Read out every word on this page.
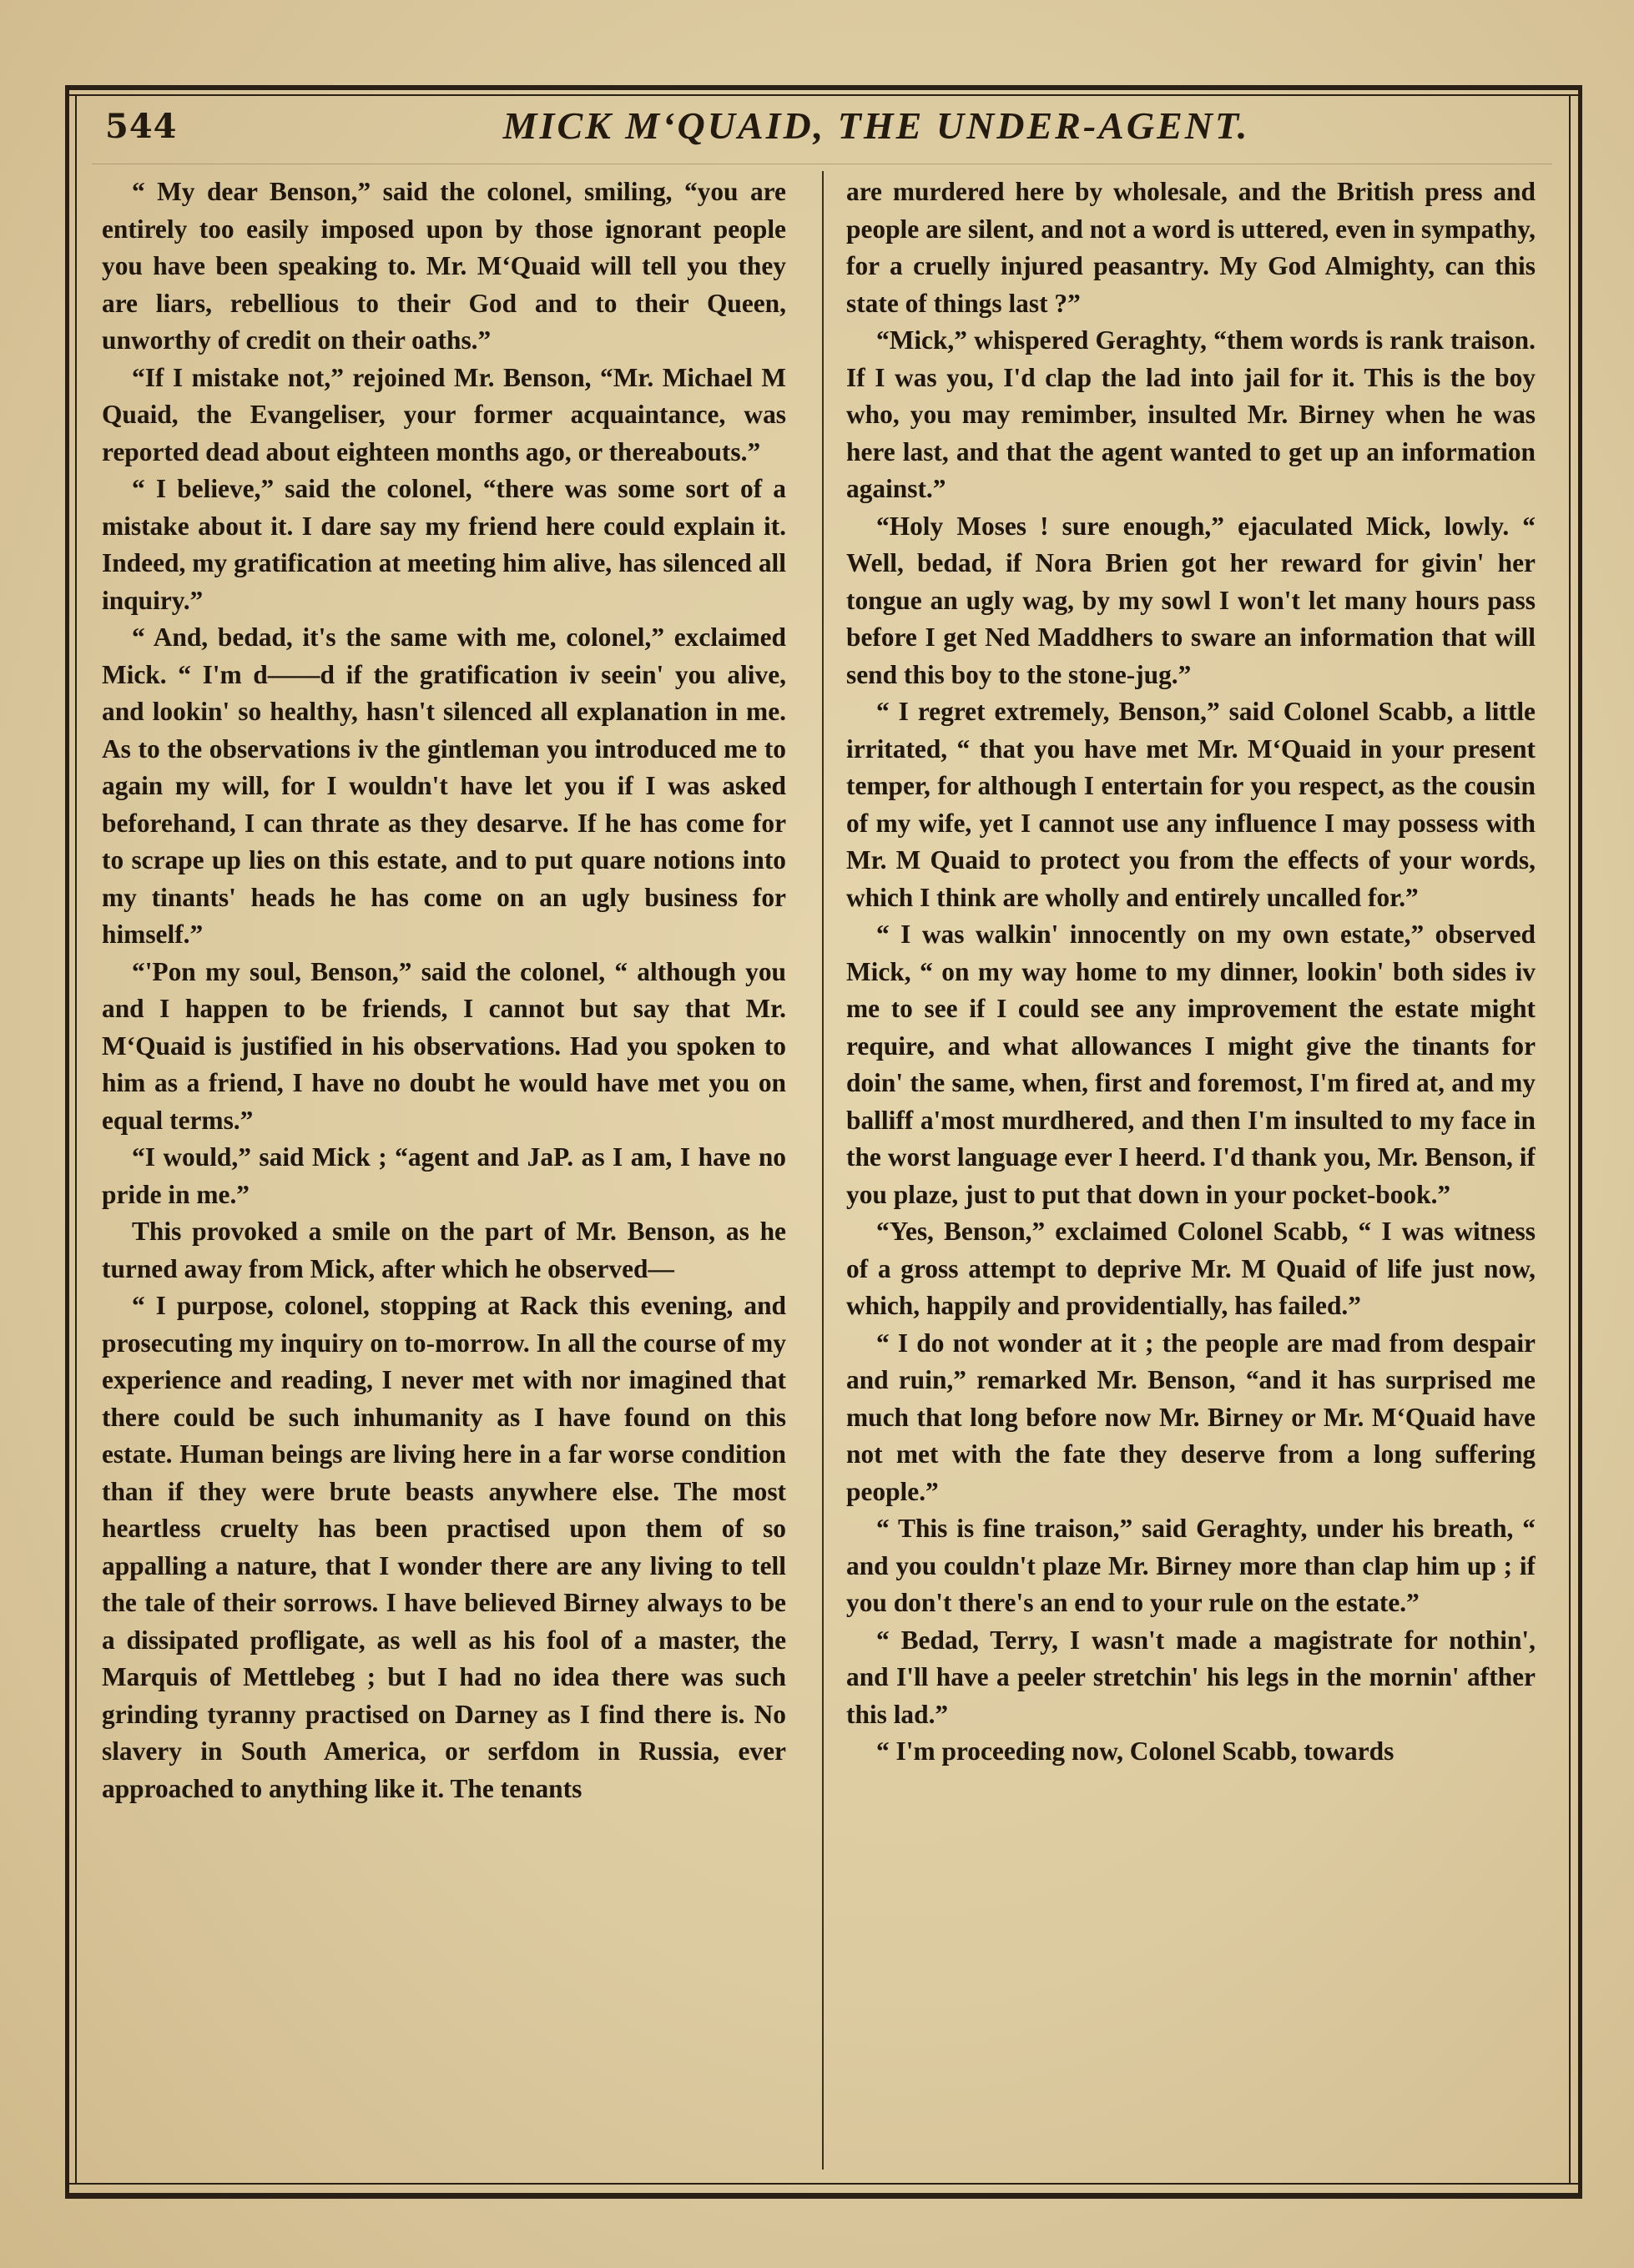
544	MICK M‘QUAID, THE UNDER-AGENT.

“ My dear Benson,” said the colonel, smiling, “you are entirely too easily imposed upon by those ignorant people you have been speaking to. Mr. M‘Quaid will tell you they are liars, rebellious to their God and to their Queen, unworthy of credit on their oaths.”

“If I mistake not,” rejoined Mr. Benson, “Mr. Michael M Quaid, the Evangeliser, your former acquaintance, was reported dead about eighteen months ago, or thereabouts.”

“ I believe,” said the colonel, “there was some sort of a mistake about it. I dare say my friend here could explain it. Indeed, my gratification at meeting him alive, has silenced all inquiry.”

“ And, bedad, it's the same with me, colonel,” exclaimed Mick. “ I'm d——d if the gratification iv seein' you alive, and lookin' so healthy, hasn't silenced all explanation in me. As to the observations iv the gintleman you introduced me to again my will, for I wouldn't have let you if I was asked beforehand, I can thrate as they desarve. If he has come for to scrape up lies on this estate, and to put quare notions into my tinants' heads he has come on an ugly business for himself.”

“'Pon my soul, Benson,” said the colonel, “ although you and I happen to be friends, I cannot but say that Mr. M‘Quaid is justified in his observations. Had you spoken to him as a friend, I have no doubt he would have met you on equal terms.”

“I would,” said Mick ; “agent and JaP. as I am, I have no pride in me.”

This provoked a smile on the part of Mr. Benson, as he turned away from Mick, after which he observed—

“ I purpose, colonel, stopping at Rack this evening, and prosecuting my inquiry on to-morrow. In all the course of my experience and reading, I never met with nor imagined that there could be such inhumanity as I have found on this estate. Human beings are living here in a far worse condition than if they were brute beasts anywhere else. The most heartless cruelty has been practised upon them of so appalling a nature, that I wonder there are any living to tell the tale of their sorrows. I have believed Birney always to be a dissipated profligate, as well as his fool of a master, the Marquis of Mettlebeg ; but I had no idea there was such grinding tyranny practised on Darney as I find there is. No slavery in South America, or serfdom in Russia, ever approached to anything like it. The tenants

are murdered here by wholesale, and the British press and people are silent, and not a word is uttered, even in sympathy, for a cruelly injured peasantry. My God Almighty, can this state of things last ?”

“Mick,” whispered Geraghty, “them words is rank traison. If I was you, I'd clap the lad into jail for it. This is the boy who, you may remimber, insulted Mr. Birney when he was here last, and that the agent wanted to get up an information against.”

“Holy Moses ! sure enough,” ejaculated Mick, lowly. “ Well, bedad, if Nora Brien got her reward for givin' her tongue an ugly wag, by my sowl I won't let many hours pass before I get Ned Maddhers to sware an information that will send this boy to the stone-jug.”

“ I regret extremely, Benson,” said Colonel Scabb, a little irritated, “ that you have met Mr. M‘Quaid in your present temper, for although I entertain for you respect, as the cousin of my wife, yet I cannot use any influence I may possess with Mr. M Quaid to protect you from the effects of your words, which I think are wholly and entirely uncalled for.”

“ I was walkin' innocently on my own estate,” observed Mick, “ on my way home to my dinner, lookin' both sides iv me to see if I could see any improvement the estate might require, and what allowances I might give the tinants for doin' the same, when, first and foremost, I'm fired at, and my balliff a'most murdhered, and then I'm insulted to my face in the worst language ever I heerd. I'd thank you, Mr. Benson, if you plaze, just to put that down in your pocket-book.”

“Yes, Benson,” exclaimed Colonel Scabb, “ I was witness of a gross attempt to deprive Mr. M Quaid of life just now, which, happily and providentially, has failed.”

“ I do not wonder at it ; the people are mad from despair and ruin,” remarked Mr. Benson, “and it has surprised me much that long before now Mr. Birney or Mr. M‘Quaid have not met with the fate they deserve from a long suffering people.”

“ This is fine traison,” said Geraghty, under his breath, “ and you couldn't plaze Mr. Birney more than clap him up ; if you don't there's an end to your rule on the estate.”

“ Bedad, Terry, I wasn't made a magistrate for nothin', and I'll have a peeler stretchin' his legs in the mornin' afther this lad.”

“ I'm proceeding now, Colonel Scabb, towards
